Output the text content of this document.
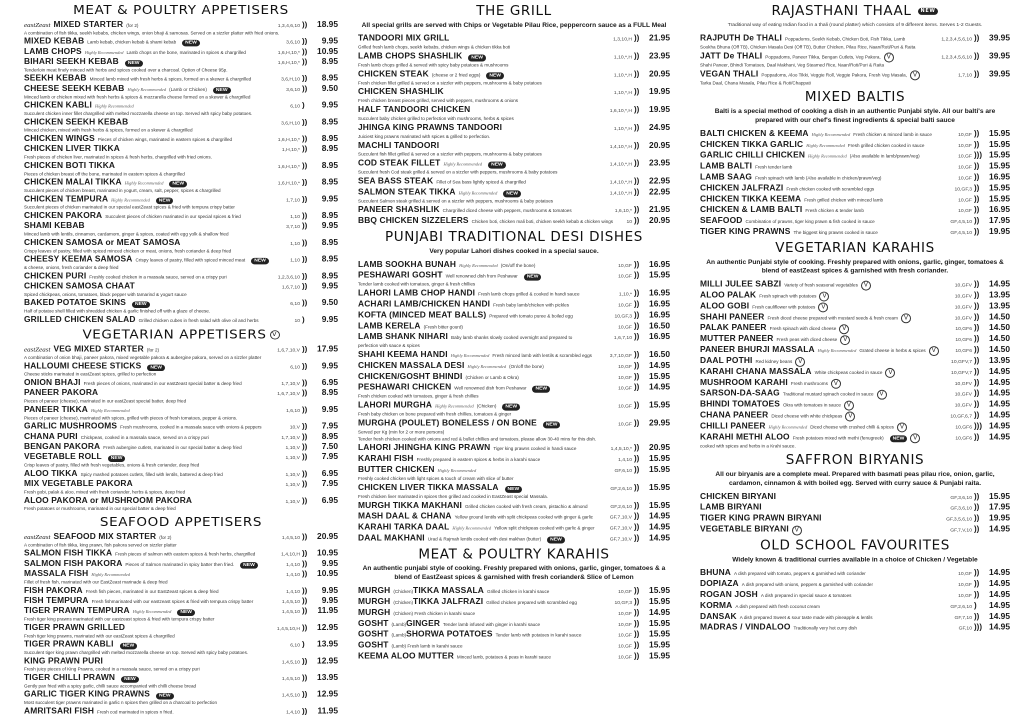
MEAT & POULTRY APPETISERS
eastZeast MIXED STARTER (for 2)	1,3,4,6,10 ))	18.95
A combination of fish tikka, seekh kebabs, chicken wings, onion bhaji & samosas. Served on a sizzler platter with fried onions.
MIXED KEBAB Lamb kebab, chicken kebab & shami kebab	NEW	3,6,10 ))	9.95
LAMB CHOPS Highly Recommended Lamb chops on the bone, marinated in spices & chargrilled	1,6,H,10,* ))	10.95
BIHARI SEEKH KEBAB	NEW	1,6,H,10,* ))	8.95
Tenderloin meat finely minced with herbs and spices cooked over a charcoal. Option of Cheese 95p.
SEEKH KEBAB Minced lamb mixed with fresh herbs & spices, formed on a skewer & chargrilled	3,6,H,10 ))	8.95
CHEESE SEEKH KEBAB Highly Recommended (Lamb or Chicken)	NEW	3,6,10 ))	9.50
Minced lamb or chicken mixed with fresh herbs & spices & mozzarella cheese formed on a skewer & chargrilled
CHICKEN KABLI Highly Recommended	6,10 )	9.95
Succulent chicken inner fillet chargrilled with melted mozzarella cheese on top. Served with spicy baby potatoes.
CHICKEN SEEKH KEBAB	3,6,H,10 ))	8.95
Minced chicken, mixed with fresh herbs & spices, formed on a skewer & chargrilled
CHICKEN WINGS Pieces of chicken wings, marinated in eastern spices & chargrilled	1,6,H,10,* ))	8.95
CHICKEN LIVER TIKKA	1,H,10,* ))	8.95
Fresh pieces of chicken liver, marinated in spices & fresh herbs, chargrilled with fried onions.
CHICKEN BOTI TIKKA	1,6,H,10,* ))	8.95
Pieces of chicken breast off the bone, marinated in eastern spices & chargrilled
CHICKEN MALAI TIKKA Highly Recommended	NEW	1,6,H,10,* ))	8.95
Succulent pieces of chicken breast, marinated in yogurt, cream, salt, pepper, spices & chargrilled
CHICKEN TEMPURA Highly Recommended	NEW	1,7,10 ))	9.95
Succulent pieces of chicken marinated in our special eastZeast spices & fried with tempura crispy batter
CHICKEN PAKORA Succulent pieces of chicken marinated in our special spices & fried	1,10 ))	8.95
SHAMI KEBAB	3,7,10 ))	9.95
Minced lamb with lentils, cinnamon, cardamom, ginger & spices, coated with egg yolk & shallow fried
CHICKEN SAMOSA or MEAT SAMOSA	1,10 ))	8.95
Crispy leaves of pastry, filled with spiced minced chicken or meat, onions, fresh coriander & deep fried
CHEESY KEEMA SAMOSA Crispy leaves of pastry, filled with spiced minced meat	NEW	1,10 ))	8.95
& cheese, onions, fresh coriander & deep fried
CHICKEN PURI Freshly cooked chicken in a massala sauce, served on a crispy puri	1,2,3,6,10 ))	8.95
CHICKEN SAMOSA CHAAT	1,6,7,10 ))	9.95
Spiced chickpeas, onions, tomatoes, black pepper with tamarind & yogurt sauce
BAKED POTATOE SKINS	NEW	6,10 ))	9.50
Half of potatoe shell filled with shredded chicken & garlic finished off with a glaze of cheese.
GRILLED CHICKEN SALAD Grilled chicken cubes in fresh salad with olive oil and herbs	10 )	9.95
VEGETARIAN APPETISERS V
eastZeast VEG MIXED STARTER (for 2)	1,6,7,10,V ))	17.95
A combination of onion bhaji, paneer pakora, mixed vegetable pakora & aubergine pakora, served on a sizzler platter
HALLOUMI CHEESE STICKS	NEW	6,10 ))	9.95
Cheese sticks marinated in eastZeast spices, grilled to perfection
ONION BHAJI Fresh pieces of onions, marinated in our eastZeast special batter & deep fried	1,7,10,V ))	6.95
PANEER PAKORA	1,6,7,10,V ))	8.95
Pieces of paneer (cheese), marinated in our eastZeast special batter, deep fried
PANEER TIKKA Highly Recommended	1,6,10 ))	9.95
Pieces of paneer (cheese), marinated with spices, grilled with pieces of fresh tomatoes, pepper & onions.
GARLIC MUSHROOMS Fresh mushrooms, cooked in a massala sauce with onions & peppers	10,V ))	7.95
CHANA PURI Chickpeas, cooked in a massala sauce, served on a crispy puri	1,7,10,V ))	8.95
BENGAN PAKORA Fresh aubergine cutlets, marinated in our special batter & deep fried	1,10,V ))	7.50
VEGETABLE ROLL	NEW	1,10,V ))	7.95
Crisp leaves of pastry, filled with fresh vegetables, onions & fresh coriander, deep fried
ALOO TIKKA Spicy mashed potatoes cutlets, filled with lentils, battered & deep fried	1,10,V ))	6.95
MIX VEGETABLE PAKORA	1,10,V ))	7.95
Fresh gobi, palak & aloo, mixed with fresh coriander, herbs & spices, deep fried
ALOO PAKORA or MUSHROOM PAKORA	1,10,V ))	6.95
Fresh potatoes or mushrooms, marinated in our special batter & deep fried
SEAFOOD APPETISERS
eastZeast SEAFOOD MIX STARTER (for 2)	1,4,5,10 ))	20.95
A combination of fish tikka, king prawn, fish pakora served on sizzler platter
SALMON FISH TIKKA Fresh pieces of salmon with eastern spices & fresh herbs, chargrilled	1,4,10,H ))	10.95
SALMON FISH PAKORA Pieces of Salmon marinated in spicy batter then fried.	NEW	1,4,10 ))	9.95
MASSALA FISH Highly Recommended	1,4,10 ))	10.95
Fillet of fresh fish, marinated with our EastZeast marinade & deep fried
FISH PAKORA Fresh fish pieces, marinated in our EastZeast spices & deep fried	1,4,10 ))	9.95
FISH TEMPURA Fresh fishmarinated with our eastzeast spices & fried with tempura crispy batter	1,4,5,10 ))	9.95
TIGER PRAWN TEMPURA Highly Recommended	NEW	1,4,5,10 ))	11.95
Fresh tiger king prawns marinated with our eastzeast spices & fried with tempura crispy batter
TIGER PRAWN GRILLED	1,4,5,10,H ))	12.95
Fresh tiger king prawns, marinated with our eastZeast spices & chargrilled
TIGER PRAWN KABLI	NEW	6,10 )	13.95
Succulent tiger king prawn chargrilled with melted mozzarella cheese on top. Served with spicy baby potatoes.
KING PRAWN PURI	1,4,5,10 ))	12.95
Fresh juicy pieces of King Prawns, cooked in a massala sauce, served on a crispy puri
TIGER CHILLI PRAWN	NEW	1,4,5,10 ))	13.95
Gently pan fried with a spicy garlic, chilli sauce accompanied with chilli cheese bread
GARLIC TIGER KING PRAWNS	NEW	1,4,5,10 ))	12.95
Most succulent tiger prawns marinated in garlic n spices then grilled on a charcoal to perfection
AMRITSARI FISH Fresh cod marinated in spices n fried.	1,4,10 ))	11.95
THE GRILL
All special grills are served with Chips or Vegetable Pilau Rice, peppercorn sauce as a FULL Meal
TANDOORI MIX GRILL	1,3,10,H ))	21.95
Grilled fresh lamb chops, seekh kebabs, chicken wings & chicken tikka boti
LAMB CHOPS SHASHLIK	NEW	1,10,*,H ))	23.95
Fresh lamb chops grilled & served with spicy baby potatoes & mushrooms
CHICKEN STEAK (cheese or 2 fried eggs)	NEW	1,10,*,H ))	20.95
Fresh chicken fillet grilled & served on a sizzler with peppers, mushrooms & baby potatoes
CHICKEN SHASHLIK	1,10,*,H ))	19.95
Fresh chicken breast pieces grilled, served with peppers, mushrooms & onions
HALF TANDOORI CHICKEN	1,6,10,*,H ))	19.95
Succulent baby chicken grilled to perfection with mushrooms, herbs & spices
JHINGA KING PRAWNS TANDOORI	1,10,*,H ))	24.95
Juiciest king prawns marinated with spices & grilled to perfection.
MACHLI TANDOORI	1,4,10,*,H ))	20.95
Succulent fish fillet grilled & served on a sizzler with peppers, mushrooms & baby potatoes
COD STEAK FILLET Highly Recommended	NEW	1,4,10,*,H ))	23.95
Succulent fresh Cod steak grilled & served on a sizzler with peppers, mushrooms & baby potatoes
SEA BASS STEAK Fillet of Sea bass lightly spiced & chargrilled	1,4,10,*,H ))	22.95
SALMON STEAK TIKKA Highly Recommended	NEW	1,4,10,*,H ))	22.95
Succulent Salmon steak grilled & served on a sizzler with peppers, mushrooms & baby potatoes
PANEER SHASHLIK Chargrilled diced cheese with peppers, mushrooms & tomatoes	1,6,10,* ))	21.95
BBQ CHICKEN SIZZELERS Chicken boti, chicken mali boti, chicken seekh kebab & chicken wings	10 ))	20.95
PUNJABI TRADITIONAL DESI DISHES
Very popular Lahori dishes cooked in a special sauce.
LAMB SOOKHA BUNAH Highly Recommended (On/off the bone)	10,GF ))	16.95
PESHAWARI GOSHT Well renowned dish from Peshawar	NEW	10,GF ))	15.95
Tender lamb cooked with tomatoes, ginger & fresh chillies
LAHORI LAMB CHOP HANDI Fresh lamb chops grilled & cooked in handi sauce	1,10,* ))	16.95
ACHARI LAMB/CHICKEN HANDI Fresh baby lamb/chicken with pickles	10,GF ))	16.95
KOFTA (MINCED MEAT BALLS) Prepared with tomato puree & boiled egg	10,GF,3 ))	16.95
LAMB KERELA (Fresh bitter gourd)	10,GF ))	16.50
LAMB SHANK NIHARI Baby lamb shanks slowly cooked overnight and prepared to	1,6,7,10 ))	16.95
perfection with sauce & spices
SHAHI KEEMA HANDI Highly Recommended Fresh minced lamb with lentils & scrambled eggs	3,7,10,GF ))	16.50
CHICKEN MASSALA DESI Highly Recommended (On/off the bone)	10,GF ))	14.95
CHICKEN/GOSHT BHINDI (Chicken or Lamb & Okra)	10,GF ))	15.95
PESHAWARI CHICKEN Well renowned dish from Peshawar	NEW	10,GF ))	14.95
Fresh chicken cooked with tomatoes, ginger & fresh chillies
LAHORI MURGHA Highly Recommended (Chicken)	NEW	10,GF ))	15.95
Fresh baby chicken on bone prepared with fresh chillies, tomatoes & ginger
MURGHA (POULET) BONELESS / ON BONE	NEW	10,GF ))	29.95
Served per Kg (min for 2 or more persons)
Tender fresh chicken cooked with onions and red & bullet chillies and tomatoes, please allow 30-40 mins for this dish.
LAHORI JHINGHA KING PRAWN Tiger king prawns cooked in handi sauce	1,4,5,10,* ))	20.95
KARAHI FISH Freshly prepared in eastern spices & herbs in a karahi sauce	1,4,10 ))	15.95
BUTTER CHICKEN Highly Recommended	GF,6,10 ))	15.95
Freshly cooked chicken with light spices & touch of cream with slice of butter
CHICKEN LIVER TIKKA MASSALA	NEW	GF,2,6,10 ))	15.95
Fresh chicken liver marinated in spices then grilled and cooked in EastZeast special Massala.
MURGH TIKKA MAKHANI Grilled chicken cooked with fresh cream, pistachio & almond	GF,2,6,10 ))	15.95
MASH DAAL & CHANA Yellow ground lentils with split chickpeas cooked with ginger & garlic	GF,7,10,V ))	14.95
KARAHI TARKA DAAL Highly Recommended Yellow split chickpeas cooked with garlic & ginger	GF,7,10,V ))	14.95
DAAL MAKHANI Urad & Rajmah lentils cooked with desi makhan (butter)	NEW	GF,7,10,V ))	14.95
MEAT & POULTRY KARAHIS
An authentic punjabi style of cooking. Freshly prepared with onions, garlic, ginger, tomatoes & a blend of EastZeast spices & garnished with fresh coriander& Slice of Lemon
MURGH (Chicken) TIKKA MASSALA Grilled chicken in karahi sauce	10,GF ))	15.95
MURGH (Chicken) TIKKA JALFRAZI Grilled chicken prepared with scrambled egg	10,GF,3 ))	15.95
MURGH (Chicken) Fresh chicken in karahi sauce	10,GF ))	14.95
GOSHT (Lamb) GINGER Tender lamb infused with ginger in karahi sauce	10,GF ))	15.95
GOSHT (Lamb) SHORWA POTATOES Tender lamb with potatoes in karahi sauce	10,GF ))	15.95
GOSHT (Lamb) Fresh lamb in karahi sauce	10,GF ))	15.95
KEEMA ALOO MUTTER Minced lamb, potatoes & peas in karahi sauce	10,GF ))	15.95
RAJASTHANI THAAL NEW
Traditional way of eating Indian food in a thali (round platter) which consists of 9 different items. Serves 1-2 Guests.
RAJPUTH De THALI Poppadoms, Seekh Kebab, Chicken Boti, Fish Tikka, Lamb	1,2,3,4,5,6,10 ))	39.95
Sookha Bhuna (Off TB), Chicken Masala Desi (Off TB), Butter Chicken, Pilau Rice, Naan/Roti/Puri & Raita
JATT De THALI Poppadoms, Paneer Tikka, Bengan Cutlets, Veg Pakora, V	1,2,3,4,5,6,10 ))	39.95
Shahi Paneer, Bhindi Tomatoes, Daal Makhani, Veg Steamed Rice, Naan/Roti/Puri & Raita
VEGAN THALI Poppadoms, Aloo Tikki, Veggie Roll, Veggie Pakora, Fresh Veg Masala, V	1,7,10 ))	39.95
Tarka Daal, Chana Masala, Pilau Rice & Roti/Chappati
MIXED BALTIS
Balti is a special method of cooking a dish in an authentic Punjabi style. All our balti's are prepared with our chef's finest ingredients & special balti sauce
BALTI CHICKEN & KEEMA Highly Recommended Fresh chicken & minced lamb in sauce	10,GF ))	15.95
CHICKEN TIKKA GARLIC Highly Recommended Fresh grilled chicken cooked in sauce	10,GF ))	15.95
GARLIC CHILLI CHICKEN Highly Recommended (Also available in lamb/prawn/veg)	10,GF ))) 15.95
LAMB BALTI Fresh tender lamb	10,GF ))	15.95
LAMB SAAG Fresh spinach with lamb (Also available in chicken/prawn/veg)	10,GF ))	16.95
CHICKEN JALFRAZI Fresh chicken cooked with scrambled eggs	10,GF,3 ))	15.95
CHICKEN TIKKA KEEMA Fresh grilled chicken with minced lamb	10,GF ))	15.95
CHICKEN & LAMB BALTI Fresh chicken & tender lamb	10,GF ))	16.95
SEAFOOD Combination of prawns, tiger king prawn & fish cooked in sauce	GF,4,5,10 ))	17.95
TIGER KING PRAWNS The biggest king prawns cooked in sauce	GF,4,5,10 ))	19.95
VEGETARIAN KARAHIS
An authentic Punjabi style of cooking. Freshly prepared with onions, garlic, ginger, tomatoes & blend of eastZeast spices & garnished with fresh coriander.
MILLI JULEE SABZI Variety of fresh seasonal vegetables V	10,GFV ))	14.95
ALOO PALAK Fresh spinach with potatoes V	10,GFV ))	13.95
ALOO GOBI Fresh cauliflower with potatoes V	10,GFV ))	13.95
SHAHI PANEER Fresh diced cheese prepared with mustard seeds & fresh cream V	10,GFV ))	14.50
PALAK PANEER Fresh spinach with diced cheese V	10,GF6 ))	14.50
MUTTER PANEER Fresh peas with diced cheese V	10,GF6 ))	14.50
PANEER BHURJI MASSALA Highly Recommended Grated cheese in herbs & spices V	10,GF6 ))	14.50
DAAL POTHI Red kidney beans V	10,GFV,7 ))	13.95
KARAHI CHANA MASSALA White chickpeas cooked in sauce V	10,GFV,7 ))	14.95
MUSHROOM KARAHI Fresh mushrooms V	10,GFV ))	14.95
SARSON-DA-SAAG Traditional mustard spinach cooked in sauce V	10,GFV ))	14.95
BHINDI TOMATOES Okra with tomatoes in sauce V	10,GFV ))	14.95
CHANA PANEER Diced cheese with white chickpeas V	10,GF,6,7 ))	14.95
CHILLI PANEER Highly Recommended Diced cheese with crushed chilli & spices V	10,GF6 ))) 14.95
KARAHI METHI ALOO Fresh potatoes mixed with methi (fenugreek)	NEW	V	10,GF6 ))	14.95
cooked with spices and herbs in a Krahi sauce.
SAFFRON BIRYANIS
All our biryanis are a complete meal. Prepared with basmati peas pilau rice, onion, garlic, cardamon, cinnamon & with boiled egg. Served with curry sauce & Punjabi raita.
CHICKEN BIRYANI	GF,3,6,10 ))	15.95
LAMB BIRYANI	GF,3,6,10 ))	17.95
TIGER KING PRAWN BIRYANI	GF,3,5,6,10 ))	19.95
VEGETABLE BIRYANI V	GF,7,V,10 ))	14.95
OLD SCHOOL FAVOURITES
Widely known & traditional curries available in a choice of Chicken / Vegetable
BHUNA A dish prepared with tomato, peppers & garnished with coriander	10,GF ))	14.95
DOPIAZA A dish prepared with onions, peppers & garnished with coriander	10,GF ))	14.95
ROGAN JOSH A dish prepared in special sauce & tomatoes	10,GF ))	14.95
KORMA A dish prepared with fresh coconut cream	GF,2,6,10 )	14.95
DANSAK A dish prepared Sweet & sour taste made with pineapple & lentils	GF,7,10 ))	14.95
MADRAS / VINDALOO Traditionally very hot curry dish	GF,10 ))) 14.95
